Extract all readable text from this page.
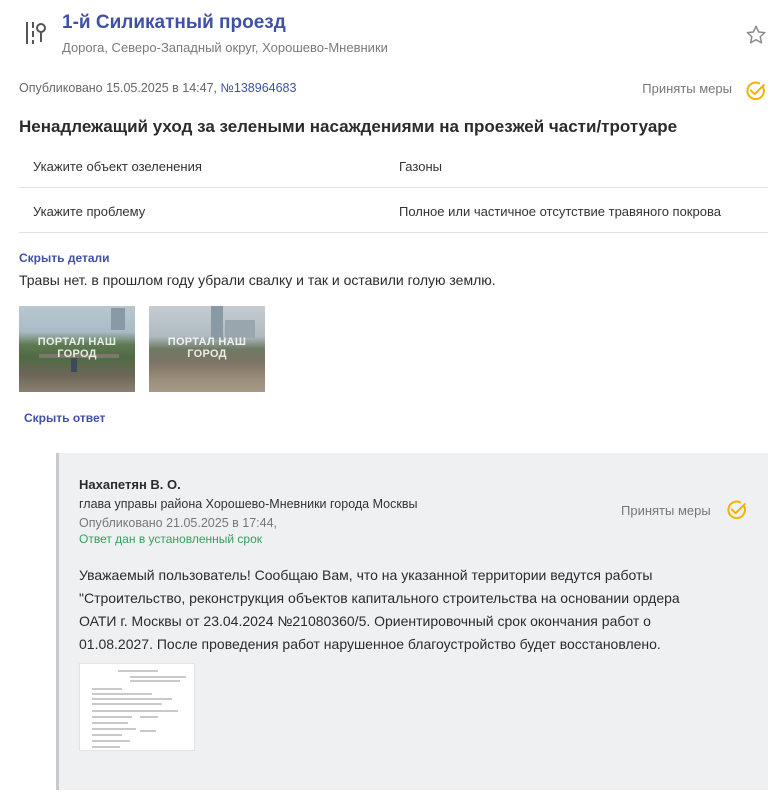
1-й Силикатный проезд
Дорога, Северо-Западный округ, Хорошево-Мневники
Опубликовано 15.05.2025 в 14:47, №138964683	Приняты меры
Ненадлежащий уход за зелеными насаждениями на проезжей части/тротуаре
Укажите объект озеленения	Газоны
Укажите проблему	Полное или частичное отсутствие травяного покрова
Скрыть детали
Травы нет. в прошлом году убрали свалку и так и оставили голую землю.
ПОРТАЛ НАШ ГОРОД
ПОРТАЛ НАШ ГОРОД
Скрыть ответ
Нахапетян В. О.
глава управы района Хорошево-Мневники города Москвы
Опубликовано 21.05.2025 в 17:44,
Ответ дан в установленный срок
Приняты меры
Уважаемый пользователь! Сообщаю Вам, что на указанной территории ведутся работы "Строительство, реконструкция объектов капитального строительства на основании ордера ОАТИ г. Москвы от 23.04.2024 №21080360/5. Ориентировочный срок окончания работ о 01.08.2027. После проведения работ нарушенное благоустройство будет восстановлено.
